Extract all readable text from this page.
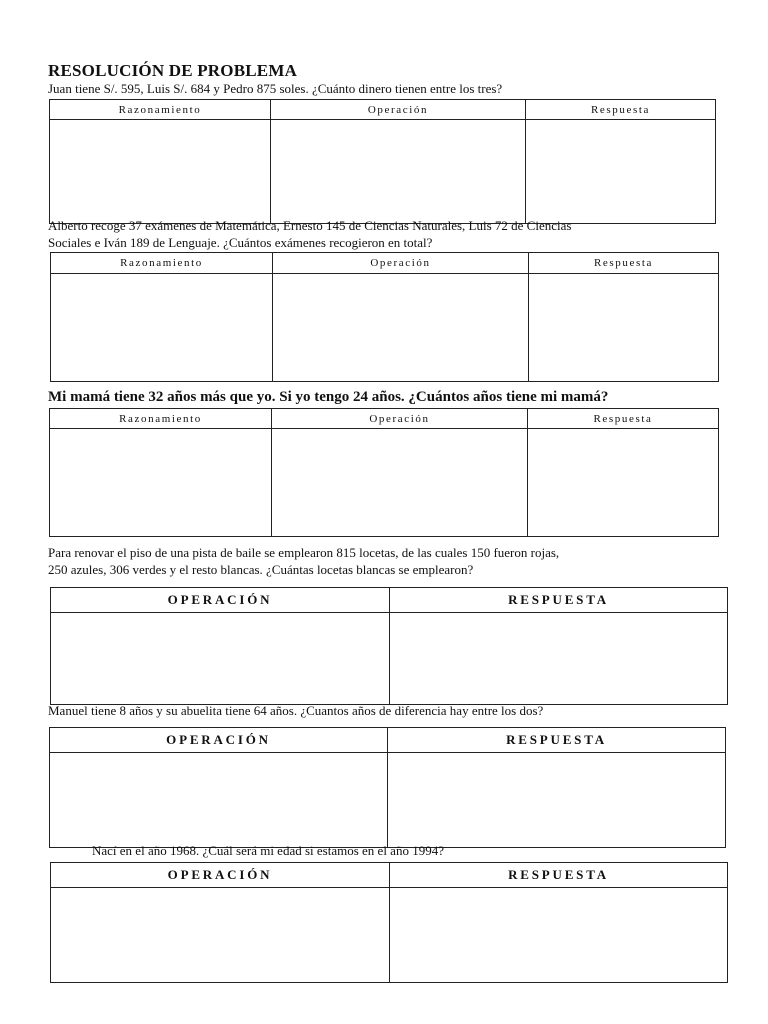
RESOLUCIÓN DE PROBLEMA
Juan tiene S/. 595, Luis S/. 684 y Pedro 875 soles. ¿Cuánto dinero tienen entre los tres?
Razonamiento	Operación	Respuesta

Alberto recoge 37 exámenes de Matemática, Ernesto 145 de Ciencias Naturales, Luis 72 de Ciencias
Sociales e Iván 189 de Lenguaje. ¿Cuántos exámenes recogieron en total?
Razonamiento	Operación	Respuesta

Mi mamá tiene 32 años más que yo. Si yo tengo 24 años. ¿Cuántos años tiene mi mamá?
Razonamiento	Operación	Respuesta

Para renovar el piso de una pista de baile se emplearon 815 locetas, de las cuales 150 fueron rojas,
250 azules, 306 verdes y el resto blancas. ¿Cuántas locetas blancas se emplearon?
OPERACIÓN	RESPUESTA

Manuel tiene 8 años y su abuelita tiene 64 años. ¿Cuantos años de diferencia hay entre los dos?
OPERACIÓN	RESPUESTA

Nací en el año 1968. ¿Cuál será mi edad si estamos en el año 1994?
OPERACIÓN	RESPUESTA
